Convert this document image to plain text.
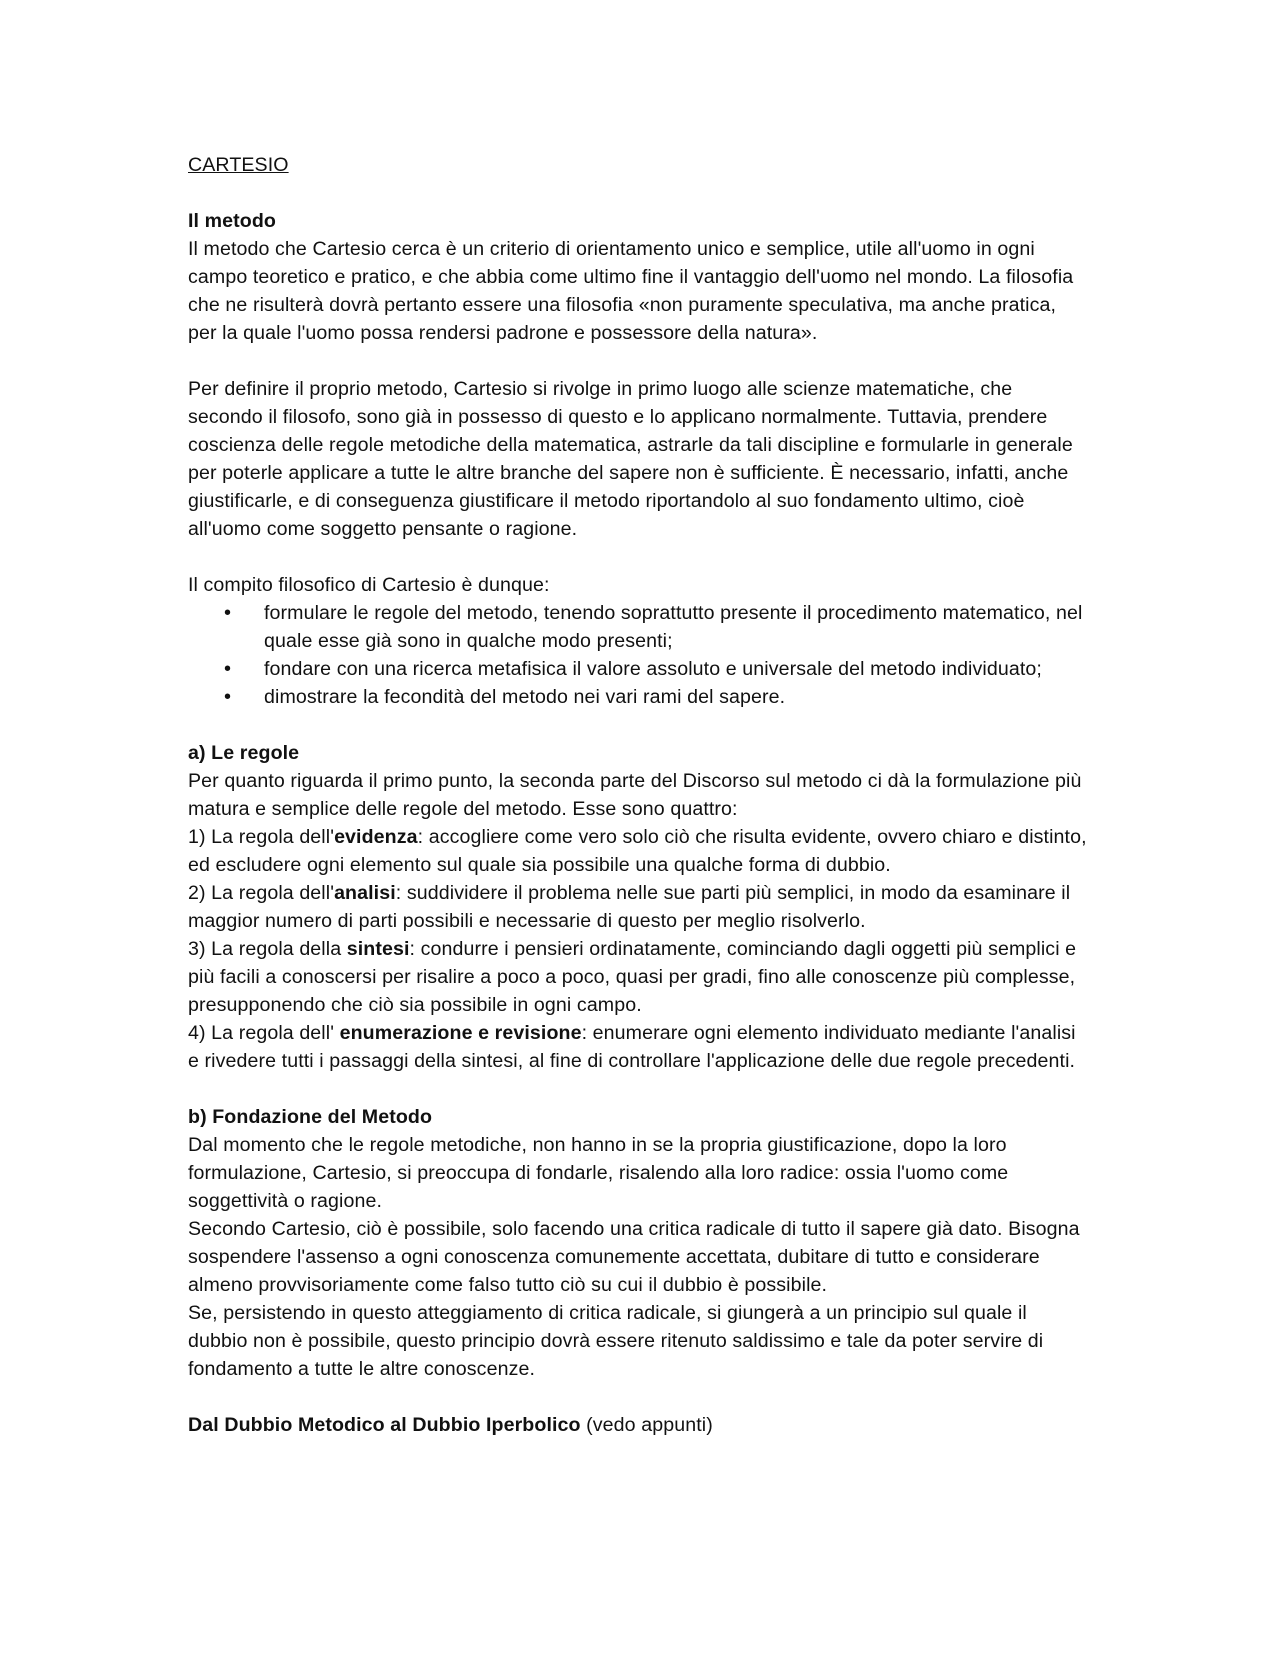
CARTESIO

Il metodo

Il metodo che Cartesio cerca è un criterio di orientamento unico e semplice, utile all'uomo in ogni campo teoretico e pratico, e che abbia come ultimo fine il vantaggio dell'uomo nel mondo. La filosofia che ne risulterà dovrà pertanto essere una filosofia «non puramente speculativa, ma anche pratica, per la quale l'uomo possa rendersi padrone e possessore della natura».

Per definire il proprio metodo, Cartesio si rivolge in primo luogo alle scienze matematiche, che secondo il filosofo, sono già in possesso di questo e lo applicano normalmente. Tuttavia, prendere coscienza delle regole metodiche della matematica, astrarle da tali discipline e formularle in generale per poterle applicare a tutte le altre branche del sapere non è sufficiente. È necessario, infatti, anche giustificarle, e di conseguenza giustificare il metodo riportandolo al suo fondamento ultimo, cioè all'uomo come soggetto pensante o ragione.

Il compito filosofico di Cartesio è dunque:

• formulare le regole del metodo, tenendo soprattutto presente il procedimento matematico, nel quale esse già sono in qualche modo presenti;
• fondare con una ricerca metafisica il valore assoluto e universale del metodo individuato;
• dimostrare la fecondità del metodo nei vari rami del sapere.
a) Le regole

Per quanto riguarda il primo punto, la seconda parte del Discorso sul metodo ci dà la formulazione più matura e semplice delle regole del metodo. Esse sono quattro:

1) La regola dell'evidenza: accogliere come vero solo ciò che risulta evidente, ovvero chiaro e distinto, ed escludere ogni elemento sul quale sia possibile una qualche forma di dubbio.

2) La regola dell'analisi: suddividere il problema nelle sue parti più semplici, in modo da esaminare il maggior numero di parti possibili e necessarie di questo per meglio risolverlo.

3) La regola della sintesi: condurre i pensieri ordinatamente, cominciando dagli oggetti più semplici e più facili a conoscersi per risalire a poco a poco, quasi per gradi, fino alle conoscenze più complesse, presupponendo che ciò sia possibile in ogni campo.

4) La regola dell' enumerazione e revisione: enumerare ogni elemento individuato mediante l'analisi e rivedere tutti i passaggi della sintesi, al fine di controllare l'applicazione delle due regole precedenti.

b) Fondazione del Metodo

Dal momento che le regole metodiche, non hanno in se la propria giustificazione, dopo la loro formulazione, Cartesio, si preoccupa di fondarle, risalendo alla loro radice: ossia l'uomo come soggettività o ragione.

Secondo Cartesio, ciò è possibile, solo facendo una critica radicale di tutto il sapere già dato. Bisogna sospendere l'assenso a ogni conoscenza comunemente accettata, dubitare di tutto e considerare almeno provvisoriamente come falso tutto ciò su cui il dubbio è possibile.

Se, persistendo in questo atteggiamento di critica radicale, si giungerà a un principio sul quale il dubbio non è possibile, questo principio dovrà essere ritenuto saldissimo e tale da poter servire di fondamento a tutte le altre conoscenze.

Dal Dubbio Metodico al Dubbio Iperbolico (vedo appunti)
